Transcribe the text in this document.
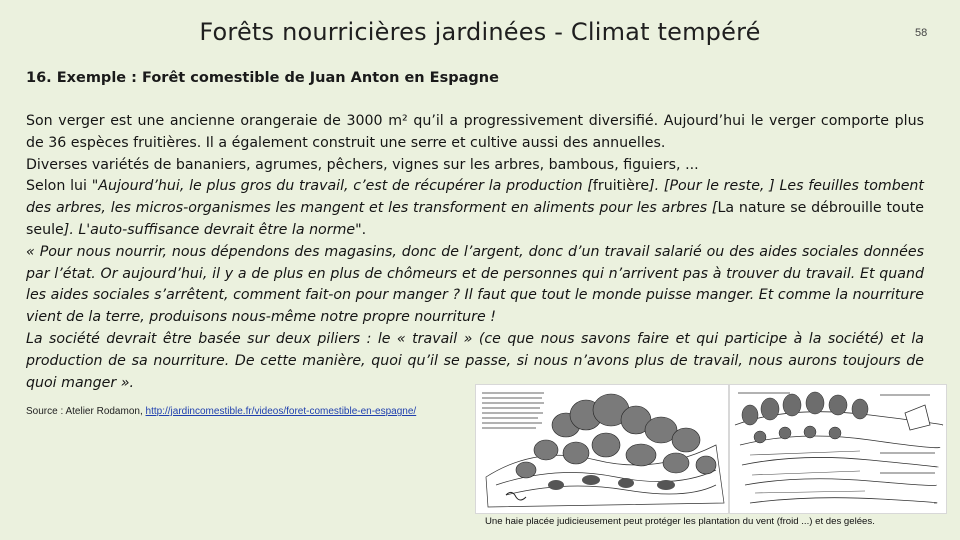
Forêts nourricières jardinées - Climat tempéré	58
16. Exemple : Forêt comestible de Juan Anton en Espagne

Son verger est une ancienne orangeraie de 3000 m² qu’il a progressivement diversifié. Aujourd’hui le verger comporte plus de 36 espèces fruitières. Il a également construit une serre et cultive aussi des annuelles.

Diverses variétés de bananiers, agrumes, pêchers, vignes sur les arbres, bambous, figuiers, ...

Selon lui "Aujourd’hui, le plus gros du travail, c’est de récupérer la production [fruitière]. [Pour le reste, ] Les feuilles tombent des arbres, les micros-organismes les mangent et les transforment en aliments pour les arbres [La nature se débrouille toute seule]. L'auto-suffisance devrait être la norme".

« Pour nous nourrir, nous dépendons des magasins, donc de l’argent, donc d’un travail salarié ou des aides sociales données par l’état. Or aujourd’hui, il y a de plus en plus de chômeurs et de personnes qui n’arrivent pas à trouver du travail. Et quand les aides sociales s’arrêtent, comment fait-on pour manger ? Il faut que tout le monde puisse manger. Et comme la nourriture vient de la terre, produisons nous-même notre propre nourriture !

La société devrait être basée sur deux piliers : le « travail » (ce que nous savons faire et qui participe à la société) et la production de sa nourriture. De cette manière, quoi qu’il se passe, si nous n’avons plus de travail, nous aurons toujours de quoi manger ».

Source : Atelier Rodamon, http://jardincomestible.fr/videos/foret-comestible-en-espagne/
Une haie placée judicieusement peut protéger les plantation du vent (froid ...) et des gelées.
